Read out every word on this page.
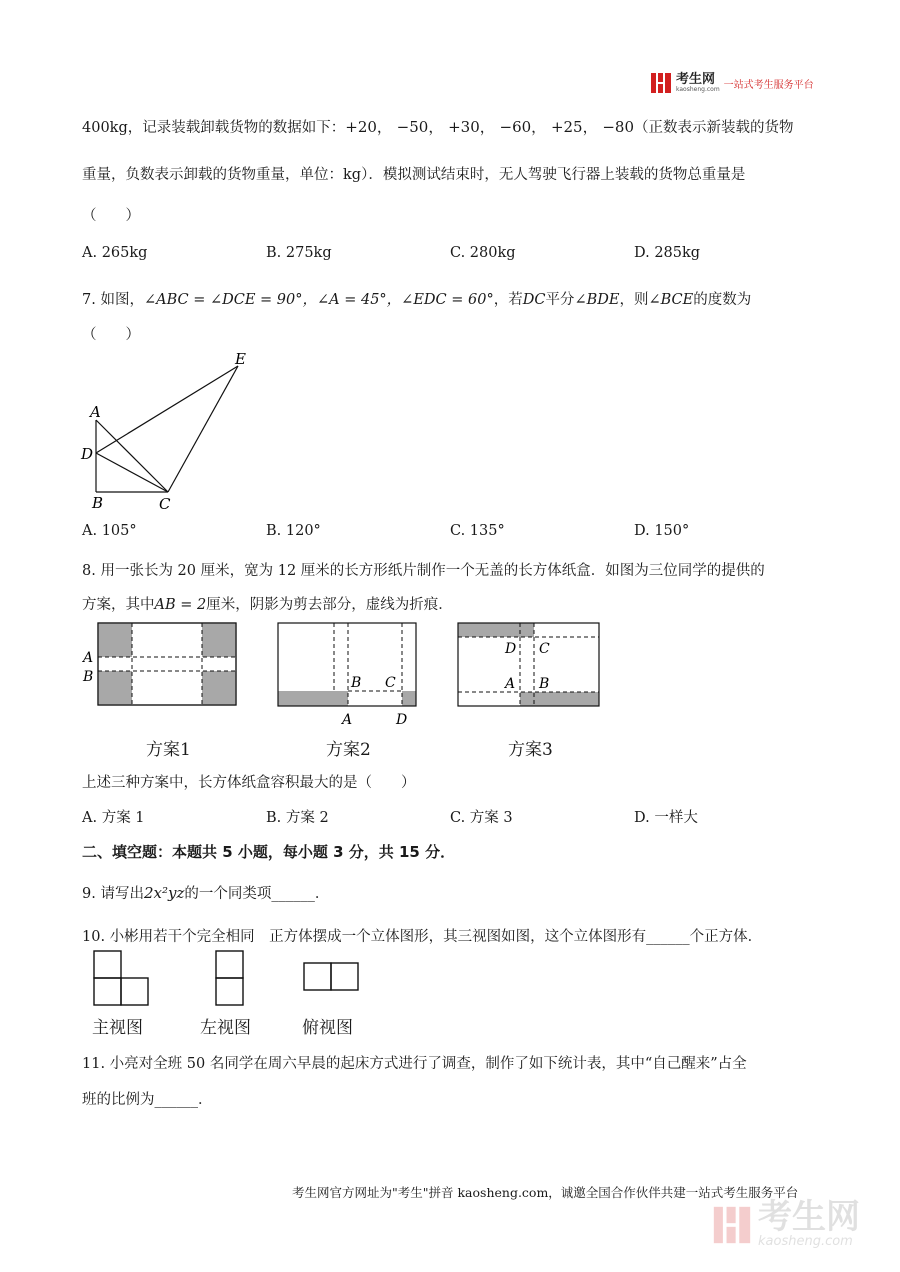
考生网
kaosheng.com 一站式考生服务平台
400kg，记录装载卸载货物的数据如下：+20， −50， +30， −60， +25， −80（正数表示新装载的货物
重量，负数表示卸载的货物重量，单位：kg）．模拟测试结束时，无人驾驶飞行器上装载的货物总重量是
（　　）
A. 265kg	B. 275kg	C. 280kg	D. 285kg
7. 如图，∠ABC = ∠DCE = 90°，∠A = 45°，∠EDC = 60°，若DC平分∠BDE，则∠BCE的度数为
（　　）
E
A
D
B	C
A. 105°	B. 120°	C. 135°	D. 150°
8. 用一张长为 20 厘米，宽为 12 厘米的长方形纸片制作一个无盖的长方体纸盒．如图为三位同学的提供的
方案，其中AB = 2厘米，阴影为剪去部分，虚线为折痕．
A
B	B C
A	D
D C
A B
方案1	方案2	方案3
上述三种方案中，长方体纸盒容积最大的是（　　）
A. 方案 1	B. 方案 2	C. 方案 3	D. 一样大
二、填空题：本题共 5 小题，每小题 3 分，共 15 分．
9. 请写出2x²yz的一个同类项______．
10. 小彬用若干个完全相同　正方体摆成一个立体图形，其三视图如图，这个立体图形有______个正方体．
主视图	左视图	俯视图
11. 小亮对全班 50 名同学在周六早晨的起床方式进行了调查，制作了如下统计表，其中“自己醒来”占全
班的比例为______．
考生网官方网址为"考生"拼音 kaosheng.com，诚邀全国合作伙伴共建一站式考生服务平台
考生网
kaosheng.com
